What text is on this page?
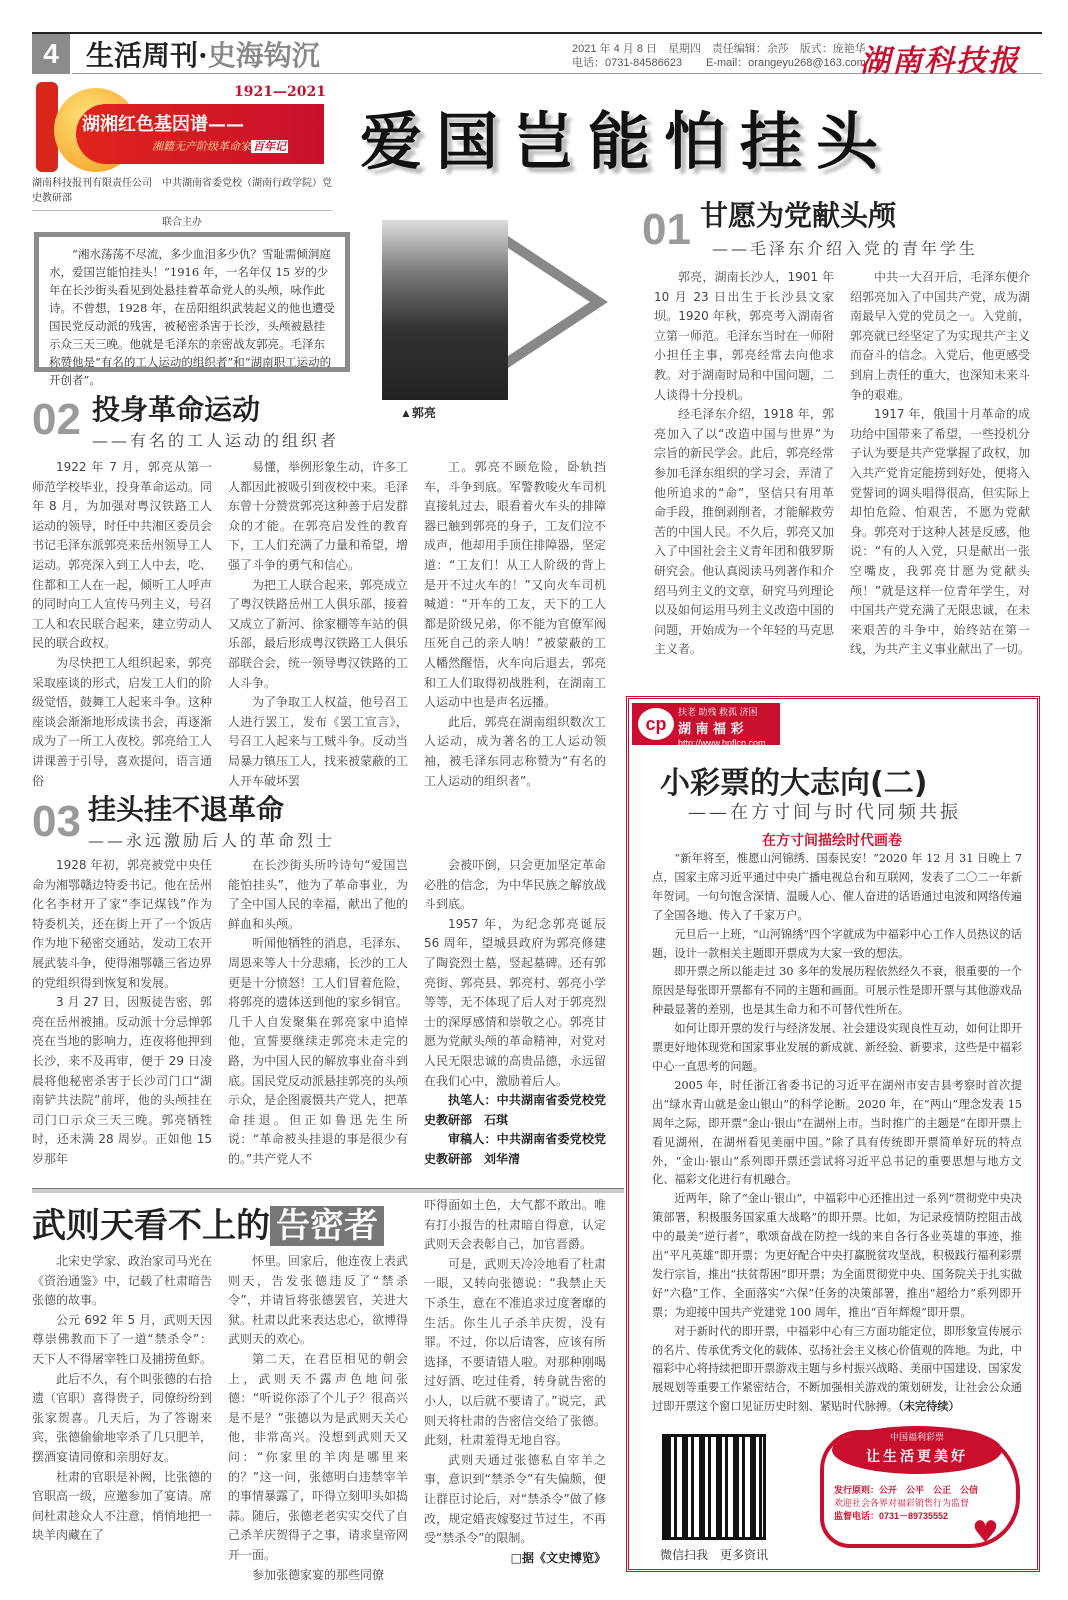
4 生活周刊·史海钩沉	2021 年 4 月 8 日　星期四
电话：0731-84586623
责任编辑：余莎　版式：庞艳华
E-mail：orangeyu268@163.com
湖南科技报
1921—2021
湖湘红色基因谱——
湘籍无产阶级革命家 百年记
湖南科技报刊有限责任公司　中共湖南省委党校（湖南行政学院）党史教研部
联合主办
爱国岂能怕挂头
“湘水荡荡不尽流，多少血泪多少仇？雪耻需倾洞庭水，爱国岂能怕挂头！”1916 年，一名年仅 15 岁的少年在长沙街头看见到处悬挂着革命党人的头颅，咏作此诗。不曾想，1928 年，在岳阳组织武装起义的他也遭受国民党反动派的残害，被秘密杀害于长沙，头颅被悬挂示众三天三晚。他就是毛泽东的亲密战友郭亮。毛泽东称赞他是“有名的工人运动的组织者”和“湖南职工运动的开创者”。
▲郭亮
01 甘愿为党献头颅
——毛泽东介绍入党的青年学生

郭亮，湖南长沙人，1901 年 10 月 23 日出生于长沙县文家坝。1920 年秋，郭亮考入湖南省立第一师范。毛泽东当时在一师附小担任主事，郭亮经常去向他求教。对于湖南时局和中国问题，二人谈得十分投机。

经毛泽东介绍，1918 年，郭亮加入了以“改造中国与世界”为宗旨的新民学会。此后，郭亮经常参加毛泽东组织的学习会，弄清了他所追求的“命”，坚信只有用革命手段，推倒剥削者，才能解救劳苦的中国人民。不久后，郭亮又加入了中国社会主义青年团和俄罗斯研究会。他认真阅读马列著作和介绍马列主义的文章，研究马列理论以及如何运用马列主义改造中国的问题，开始成为一个年轻的马克思主义者。

中共一大召开后，毛泽东便介绍郭亮加入了中国共产党，成为湖南最早入党的党员之一。入党前，郭亮就已经坚定了为实现共产主义而奋斗的信念。入党后，他更感受到肩上责任的重大，也深知未来斗争的艰难。

1917 年，俄国十月革命的成功给中国带来了希望，一些投机分子认为要是共产党掌握了政权，加入共产党肯定能捞到好处，便将入党誓词的调头唱得很高，但实际上却怕危险、怕艰苦，不愿为党献身。郭亮对于这种人甚是反感，他说：“有的人入党，只是献出一张空嘴皮，我郭亮甘愿为党献头颅！”就是这样一位青年学生，对中国共产党充满了无限忠诚，在未来艰苦的斗争中，始终站在第一线，为共产主义事业献出了一切。

02 投身革命运动
——有名的工人运动的组织者

1922 年 7 月，郭亮从第一师范学校毕业，投身革命运动。同年 8 月，为加强对粤汉铁路工人运动的领导，时任中共湘区委员会书记毛泽东派郭亮来岳州领导工人运动。郭亮深入到工人中去，吃、住都和工人在一起，倾听工人呼声的同时向工人宣传马列主义，号召工人和农民联合起来，建立劳动人民的联合政权。

为尽快把工人组织起来，郭亮采取座谈的形式，启发工人们的阶级觉悟，鼓舞工人起来斗争。这种座谈会渐渐地形成读书会，再逐渐成为了一所工人夜校。郭亮给工人讲课善于引导，喜欢提问，语言通俗

易懂，举例形象生动，许多工人都因此被吸引到夜校中来。毛泽东曾十分赞赏郭亮这种善于启发群众的才能。在郭亮启发性的教育下，工人们充满了力量和希望，增强了斗争的勇气和信心。

为把工人联合起来，郭亮成立了粤汉铁路岳州工人俱乐部，接着又成立了新河、徐家棚等车站的俱乐部，最后形成粤汉铁路工人俱乐部联合会，统一领导粤汉铁路的工人斗争。

为了争取工人权益，他号召工人进行罢工，发布《罢工宣言》，号召工人起来与工贼斗争。反动当局暴力镇压工人，找来被蒙蔽的工人开车破坏罢

工。郭亮不顾危险，卧轨挡车，斗争到底。军警教唆火车司机直接轧过去，眼看着火车头的排障器已触到郭亮的身子，工友们泣不成声，他却用手顶住排障器，坚定道：“工友们！从工人阶级的背上是开不过火车的！”又向火车司机喊道：“开车的工友，天下的工人都是阶级兄弟，你不能为官僚军阀压死自己的亲人呐！”被蒙蔽的工人幡然醒悟，火车向后退去，郭亮和工人们取得初战胜利，在湖南工人运动中也是声名远播。

此后，郭亮在湖南组织数次工人运动，成为著名的工人运动领袖，被毛泽东同志称赞为“有名的工人运动的组织者”。

03 挂头挂不退革命
——永远激励后人的革命烈士

1928 年初，郭亮被党中央任命为湘鄂赣边特委书记。他在岳州化名李材开了家“李记煤钱”作为特委机关，还在街上开了一个饭店作为地下秘密交通站，发动工农开展武装斗争，使得湘鄂赣三省边界的党组织得到恢复和发展。

3 月 27 日，因叛徒告密，郭亮在岳州被捕。反动派十分忌惮郭亮在当地的影响力，连夜将他押到长沙，来不及再审，便于 29 日凌晨将他秘密杀害于长沙司门口“湖南铲共法院”前坪，他的头颅挂在司门口示众三天三晚。郭亮牺牲时，还未满 28 周岁。正如他 15 岁那年

在长沙街头所吟诗句“爱国岂能怕挂头”，他为了革命事业，为了全中国人民的幸福，献出了他的鲜血和头颅。

听闻他牺牲的消息，毛泽东、周恩来等人十分悲痛，长沙的工人更是十分愤怒！工人们冒着危险，将郭亮的遗体送到他的家乡铜官。几千人自发聚集在郭亮家中追悼他，宣誓要继续走郭亮未走完的路，为中国人民的解放事业奋斗到底。国民党反动派悬挂郭亮的头颅示众，是企图震慑共产党人，把革命挂退。但正如鲁迅先生所说：“革命被头挂退的事是很少有的。”共产党人不

会被吓倒，只会更加坚定革命必胜的信念，为中华民族之解放战斗到底。

1957 年，为纪念郭亮诞辰 56 周年，望城县政府为郭亮修建了陶瓷烈士墓，竖起墓碑。还有郭亮街、郭亮县、郭亮村、郭亮小学等等，无不体现了后人对于郭亮烈士的深厚感情和崇敬之心。郭亮甘愿为党献头颅的革命精神，对党对人民无限忠诚的高贵品德，永远留在我们心中，激励着后人。

执笔人：中共湖南省委党校党史教研部　石琪

审稿人：中共湖南省委党校党史教研部　刘华清

武则天看不上的 告密者

北宋史学家、政治家司马光在《资治通鉴》中，记载了杜肃暗告张德的故事。

公元 692 年 5 月，武则天因尊崇佛教而下了一道“禁杀令”：天下人不得屠宰牲口及捕捞鱼虾。

此后不久，有个叫张德的右拾遗（官职）喜得贵子，同僚纷纷到张家贺喜。几天后，为了答谢来宾，张德偷偷地宰杀了几只肥羊，摆酒宴请同僚和亲朋好友。

杜肃的官职是补阙，比张德的官职高一级，应邀参加了宴请。席间杜肃趁众人不注意，悄悄地把一块羊肉藏在了

怀里。回家后，他连夜上表武则天，告发张德违反了“禁杀令”，并请旨将张德罢官，关进大狱。杜肃以此来表达忠心，欲博得武则天的欢心。

第二天，在君臣相见的朝会上，武则天不露声色地问张德：“听说你添了个儿子？很高兴是不是？”张德以为是武则天关心他，非常高兴。没想到武则天又问：“你家里的羊肉是哪里来的？”这一问，张德明白违禁宰羊的事情暴露了，吓得立刻叩头如捣蒜。随后，张德老老实实交代了自己杀羊庆贺得子之事，请求皇帝网开一面。

参加张德家宴的那些同僚

吓得面如土色，大气都不敢出。唯有打小报告的杜肃暗自得意，认定武则天会表彰自己，加官晋爵。

可是，武则天冷冷地看了杜肃一眼，又转向张德说：“我禁止天下杀生，意在不准追求过度奢靡的生活。你生儿子杀羊庆贺，没有罪。不过，你以后请客，应该有所选择，不要请错人啦。对那种刚喝过好酒、吃过佳肴，转身就告密的小人，以后就不要请了。”说完，武则天将杜肃的告密信交给了张德。此刻，杜肃羞得无地自容。

武则天通过张德私自宰羊之事，意识到“禁杀令”有失偏颇，便让群臣讨论后，对“禁杀令”做了修改，规定婚丧嫁娶过节过生，不再受“禁杀令”的限制。

□据《文史博览》
扶老 助残 救孤 济困
湖 南 福 彩
http://www.hnflcp.com
cp
小彩票的大志向(二)
——在方寸间与时代同频共振
在方寸间描绘时代画卷

“新年将至，惟愿山河锦绣、国泰民安！”2020 年 12 月 31 日晚上 7 点，国家主席习近平通过中央广播电视总台和互联网，发表了二〇二一年新年贺词。一句句饱含深情、温暖人心、催人奋进的话语通过电波和网络传遍了全国各地、传入了千家万户。

元旦后一上班，“山河锦绣”四个字就成为中福彩中心工作人员热议的话题，设计一款相关主题即开票成为大家一致的想法。

即开票之所以能走过 30 多年的发展历程依然经久不衰，很重要的一个原因是每张即开票都有不同的主题和画面。可展示性是即开票与其他游戏品种最显著的差别，也是其生命力和不可替代性所在。

如何让即开票的发行与经济发展、社会建设实现良性互动，如何让即开票更好地体现党和国家事业发展的新成就、新经验、新要求，这些是中福彩中心一直思考的问题。

2005 年，时任浙江省委书记的习近平在湖州市安吉县考察时首次提出“绿水青山就是金山银山”的科学论断。2020 年，在“两山”理念发表 15 周年之际，即开票“金山·银山”在湖州上市。当时推广的主题是“在即开票上看见湖州，在湖州看见美丽中国。”除了具有传统即开票简单好玩的特点外，“金山·银山”系列即开票还尝试将习近平总书记的重要思想与地方文化、福彩文化进行有机融合。

近两年，除了“金山·银山”，中福彩中心还推出过一系列“贯彻党中央决策部署，积极服务国家重大战略”的即开票。比如，为记录疫情防控阻击战中的最美“逆行者”，歌颂奋战在防控一线的来自各行各业英雄的事迹，推出“平凡英雄”即开票；为更好配合中央打赢脱贫攻坚战，积极践行福利彩票发行宗旨，推出“扶贫帮困”即开票；为全面贯彻党中央、国务院关于扎实做好“六稳”工作、全面落实“六保”任务的决策部署，推出“超给力”系列即开票；为迎接中国共产党建党 100 周年，推出“百年辉煌”即开票。

对于新时代的即开票，中福彩中心有三方面功能定位，即形象宣传展示的名片、传承优秀文化的载体、弘扬社会主义核心价值观的阵地。为此，中福彩中心将持续把即开票游戏主题与乡村振兴战略、美丽中国建设、国家发展规划等重要工作紧密结合，不断加强相关游戏的策划研发，让社会公众通过即开票这个窗口见证历史时刻、紧贴时代脉搏。（未完待续）

微信扫我　更多资讯
中国福利彩票
让生活更美好
发行原则：公开　公平　公正　公信
欢迎社会各界对福彩销售行为监督
监督电话：0731－89735552 ♥
